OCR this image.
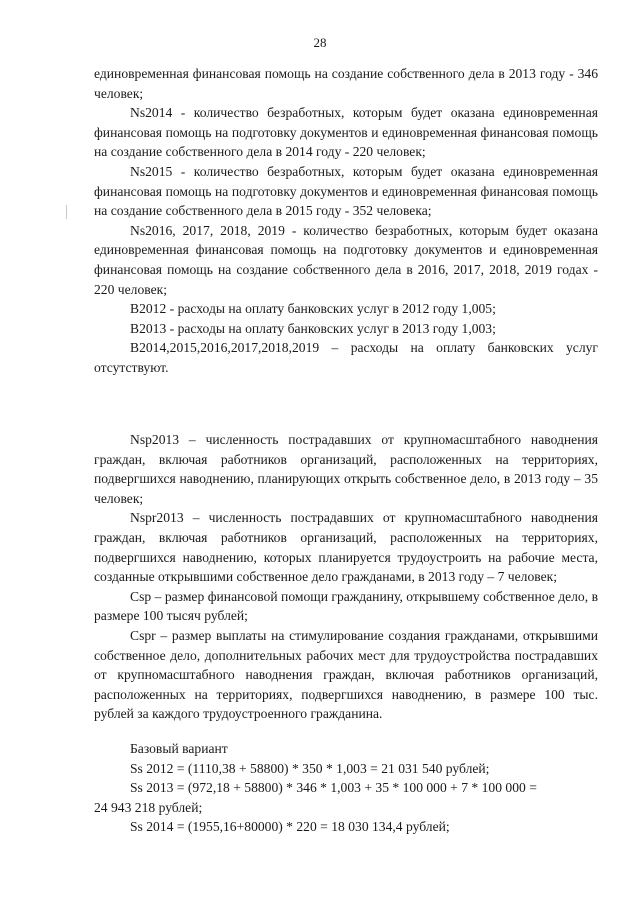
28

единовременная финансовая помощь на создание собственного дела в 2013 году - 346 человек;

Ns2014 - количество безработных, которым будет оказана единовременная финансовая помощь на подготовку документов и единовременная финансовая помощь на создание собственного дела в 2014 году - 220 человек;

Ns2015 - количество безработных, которым будет оказана единовременная финансовая помощь на подготовку документов и единовременная финансовая помощь на создание собственного дела в 2015 году - 352 человека;

Ns2016, 2017, 2018, 2019 - количество безработных, которым будет оказана единовременная финансовая помощь на подготовку документов и единовременная финансовая помощь на создание собственного дела в 2016, 2017, 2018, 2019 годах - 220 человек;

B2012 - расходы на оплату банковских услуг в 2012 году 1,005;

B2013 - расходы на оплату банковских услуг в 2013 году 1,003;

B2014,2015,2016,2017,2018,2019 – расходы на оплату банковских услуг отсутствуют.

Nsp2013 – численность пострадавших от крупномасштабного наводнения граждан, включая работников организаций, расположенных на территориях, подвергшихся наводнению, планирующих открыть собственное дело, в 2013 году – 35 человек;

Nspr2013 – численность пострадавших от крупномасштабного наводнения граждан, включая работников организаций, расположенных на территориях, подвергшихся наводнению, которых планируется трудоустроить на рабочие места, созданные открывшими собственное дело гражданами, в 2013 году – 7 человек;

Csp – размер финансовой помощи гражданину, открывшему собственное дело, в размере 100 тысяч рублей;

Cspr – размер выплаты на стимулирование создания гражданами, открывшими собственное дело, дополнительных рабочих мест для трудоустройства пострадавших от крупномасштабного наводнения граждан, включая работников организаций, расположенных на территориях, подвергшихся наводнению, в размере 100 тыс. рублей за каждого трудоустроенного гражданина.

Базовый вариант

Ss 2012 = (1110,38 + 58800) * 350 * 1,003 = 21 031 540 рублей;

Ss 2013 = (972,18 + 58800) * 346 * 1,003 + 35 * 100 000 + 7 * 100 000 =

24 943 218 рублей;

Ss 2014 = (1955,16+80000) * 220 = 18 030 134,4 рублей;
